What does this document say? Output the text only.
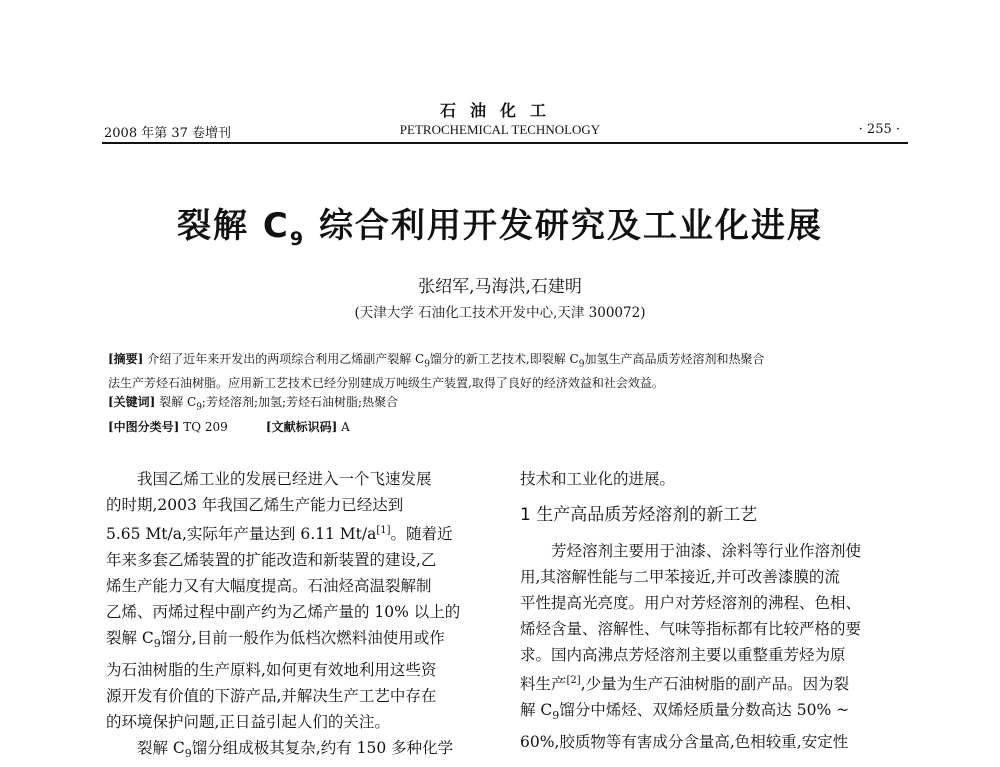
石油化工
PETROCHEMICAL TECHNOLOGY
2008 年第 37 卷增刊	· 255 ·
裂解 $C_9$ 综合利用开发研究及工业化进展
张绍军,马海洪,石建明
(天津大学 石油化工技术开发中心,天津 300072)
[摘要] 介绍了近年来开发出的两项综合利用乙烯副产裂解 $C_9$馏分的新工艺技术,即裂解 $C_9$加氢生产高品质芳烃溶剂和热聚合
法生产芳烃石油树脂。应用新工艺技术已经分别建成万吨级生产装置,取得了良好的经济效益和社会效益。
[关键词] 裂解 $C_9$;芳烃溶剂;加氢;芳烃石油树脂;热聚合
[中图分类号] TQ 209	[文献标识码] A
我国乙烯工业的发展已经进入一个飞速发展
的时期,2003 年我国乙烯生产能力已经达到
5.65 Mt/a,实际年产量达到 6.11 Mt/a[1]。随着近
年来多套乙烯装置的扩能改造和新装置的建设,乙
烯生产能力又有大幅度提高。石油烃高温裂解制
乙烯、丙烯过程中副产约为乙烯产量的 10% 以上的
裂解 $C_9$馏分,目前一般作为低档次燃料油使用或作
为石油树脂的生产原料,如何更有效地利用这些资
源开发有价值的下游产品,并解决生产工艺中存在
的环境保护问题,正日益引起人们的关注。
裂解 $C_9$馏分组成极其复杂,约有 150 多种化学
技术和工业化的进展。
1 生产高品质芳烃溶剂的新工艺
芳烃溶剂主要用于油漆、涂料等行业作溶剂使
用,其溶解性能与二甲苯接近,并可改善漆膜的流
平性提高光亮度。用户对芳烃溶剂的沸程、色相、
烯烃含量、溶解性、气味等指标都有比较严格的要
求。国内高沸点芳烃溶剂主要以重整重芳烃为原
料生产[2],少量为生产石油树脂的副产品。因为裂
解 $C_9$馏分中烯烃、双烯烃质量分数高达 50% ~
60%,胶质物等有害成分含量高,色相较重,安定性
